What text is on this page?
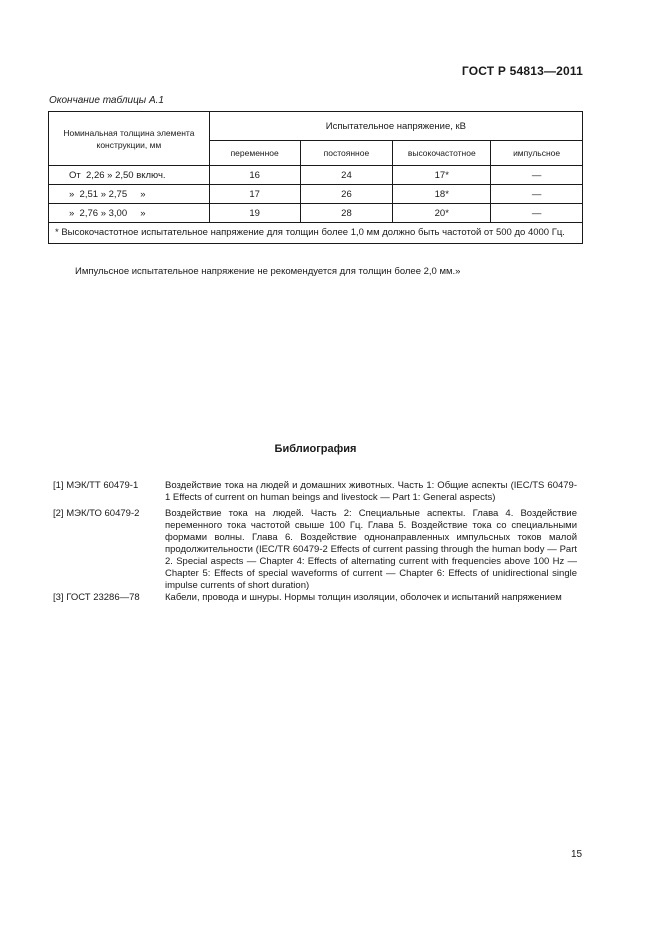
ГОСТ Р 54813—2011
Окончание таблицы А.1
Номинальная толщина элемента конструкции, мм	Испытательное напряжение, кВ			
	переменное	постоянное	высокочастотное	импульсное
От  2,26 » 2,50 включ.	16	24	17*	—
»  2,51 » 2,75     »	17	26	18*	—
»  2,76 » 3,00     »	19	28	20*	—
* Высокочастотное испытательное напряжение для толщин более 1,0 мм должно быть частотой от 500 до 4000 Гц.				
Импульсное испытательное напряжение не рекомендуется для толщин более 2,0 мм.»
Библиография
[1] МЭК/ТТ 60479-1	Воздействие тока на людей и домашних животных. Часть 1: Общие аспекты (IEC/TS 60479-1 Effects of current on human beings and livestock — Part 1: General aspects)
[2] МЭК/ТО 60479-2	Воздействие тока на людей. Часть 2: Специальные аспекты. Глава 4. Воздействие переменного тока частотой свыше 100 Гц. Глава 5. Воздействие тока со специальными формами волны. Глава 6. Воздействие однонаправленных импульсных токов малой продолжительности (IEC/TR 60479-2 Effects of current passing through the human body — Part 2. Special aspects — Chapter 4: Effects of alternating current with frequencies above 100 Hz — Chapter 5: Effects of special waveforms of current — Chapter 6: Effects of unidirectional single impulse currents of short duration)
[3] ГОСТ 23286—78	Кабели, провода и шнуры. Нормы толщин изоляции, оболочек и испытаний напряжением
15
